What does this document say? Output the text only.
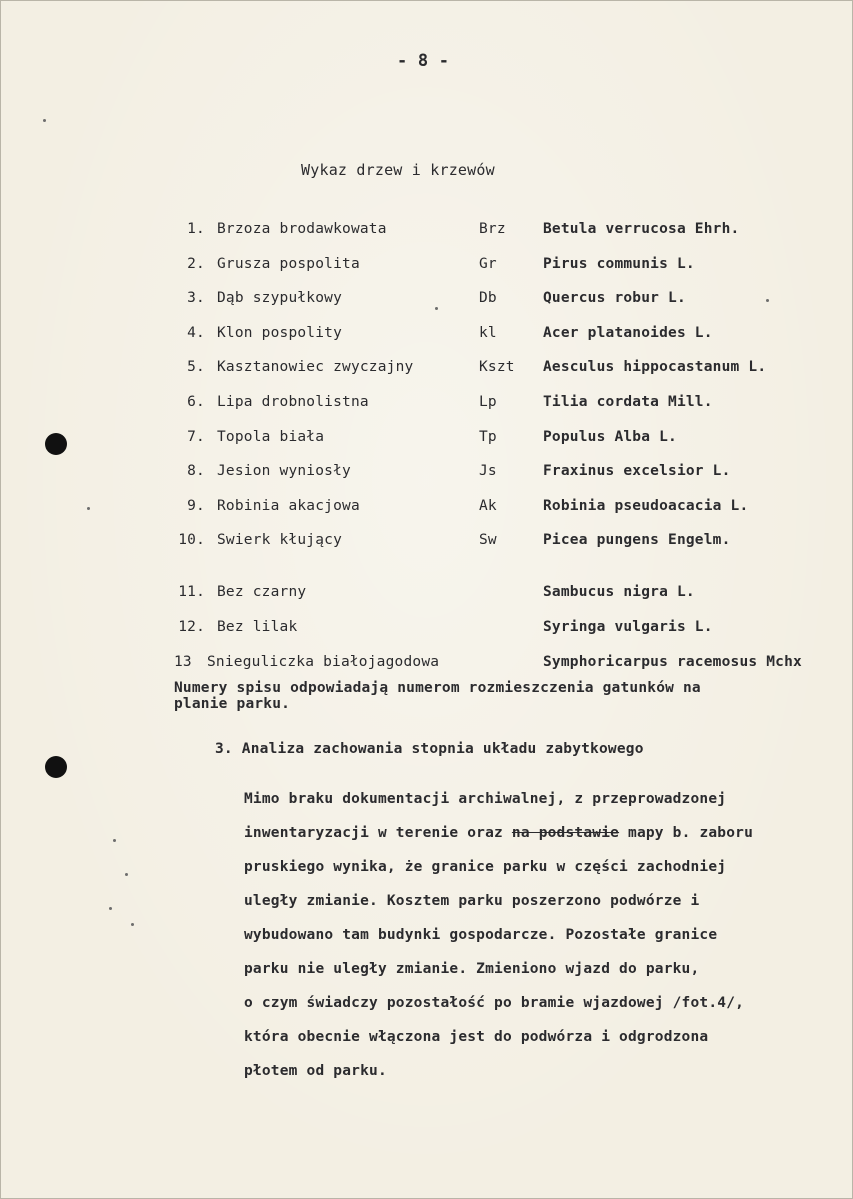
- 8 -
Wykaz drzew i krzewów
1. Brzoza brodawkowata	Brz	Betula verrucosa Ehrh.
2. Grusza pospolita	Gr	Pirus communis L.
3. Dąb szypułkowy	Db	Quercus robur L.
4. Klon pospolity	kl	Acer platanoides L.
5. Kasztanowiec zwyczajny	Kszt Aesculus hippocastanum L.
6. Lipa drobnolistna	Lp	Tilia cordata Mill.
7. Topola biała	Tp	Populus Alba L.
8. Jesion wyniosły	Js	Fraxinus excelsior L.
9. Robinia akacjowa	Ak	Robinia pseudoacacia L.
10. Swierk kłujący	Sw	Picea pungens Engelm.
11. Bez czarny	Sambucus nigra L.
12. Bez lilak	Syringa vulgaris L.
13 Snieguliczka białojagodowa	Symphoricarpus racemosus Mchx
Numery spisu odpowiadają numerom rozmieszczenia gatunków na
planie parku.
3. Analiza zachowania stopnia układu zabytkowego
Mimo braku dokumentacji archiwalnej, z przeprowadzonej
inwentaryzacji w terenie oraz na podstawie mapy b. zaboru
pruskiego wynika, że granice parku w części zachodniej
uległy zmianie. Kosztem parku poszerzono podwórze i
wybudowano tam budynki gospodarcze. Pozostałe granice
parku nie uległy zmianie. Zmieniono wjazd do parku,
o czym świadczy pozostałość po bramie wjazdowej /fot.4/,
która obecnie włączona jest do podwórza i odgrodzona
płotem od parku.
